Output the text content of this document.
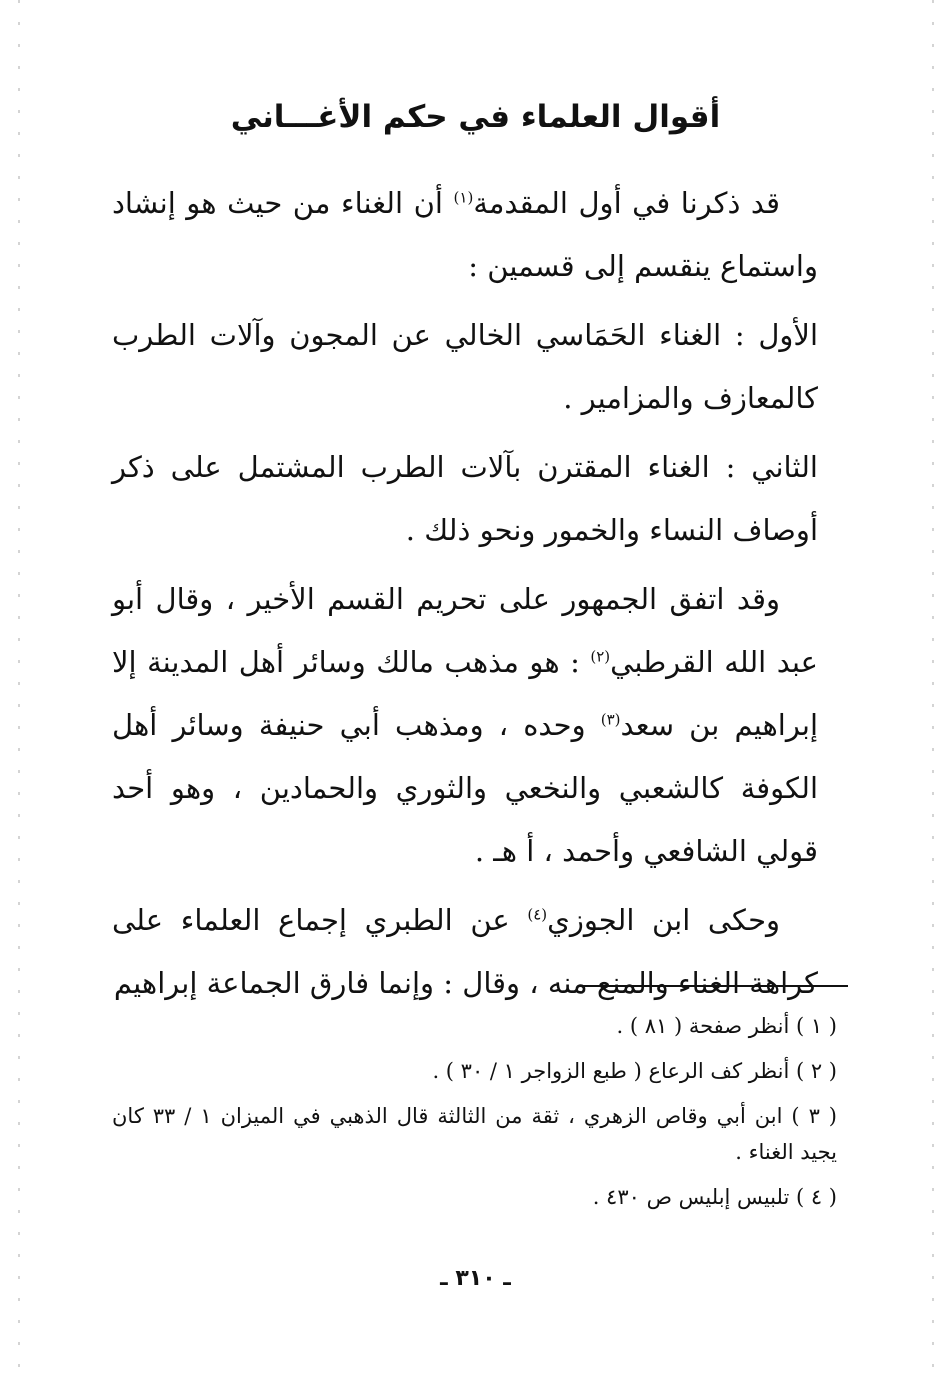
أقوال العلماء في حكم الأغـــاني

قد ذكرنا في أول المقدمة$^{(١)}$ أن الغناء من حيث هو إنشاد واستماع ينقسم إلى قسمين :

الأول : الغناء الحَمَاسي الخالي عن المجون وآلات الطرب كالمعازف والمزامير .

الثاني : الغناء المقترن بآلات الطرب المشتمل على ذكر أوصاف النساء والخمور ونحو ذلك .

وقد اتفق الجمهور على تحريم القسم الأخير ، وقال أبو عبد الله القرطبي$^{(٢)}$ : هو مذهب مالك وسائر أهل المدينة إلا إبراهيم بن سعد$^{(٣)}$ وحده ، ومذهب أبي حنيفة وسائر أهل الكوفة كالشعبي والنخعي والثوري والحمادين ، وهو أحد قولي الشافعي وأحمد ، أ هـ .

وحكى ابن الجوزي$^{(٤)}$ عن الطبري إجماع العلماء على كراهة الغناء والمنع منه ، وقال : وإنما فارق الجماعة إبراهيم

( ١ ) أنظر صفحة ( ٨١ ) .

( ٢ ) أنظر كف الرعاع ( طبع الزواجر ١ / ٣٠ ) .

( ٣ ) ابن أبي وقاص الزهري ، ثقة من الثالثة قال الذهبي في الميزان ١ / ٣٣ كان يجيد الغناء .

( ٤ ) تلبيس إبليس ص ٤٣٠ .

ـ ٣١٠ ـ
